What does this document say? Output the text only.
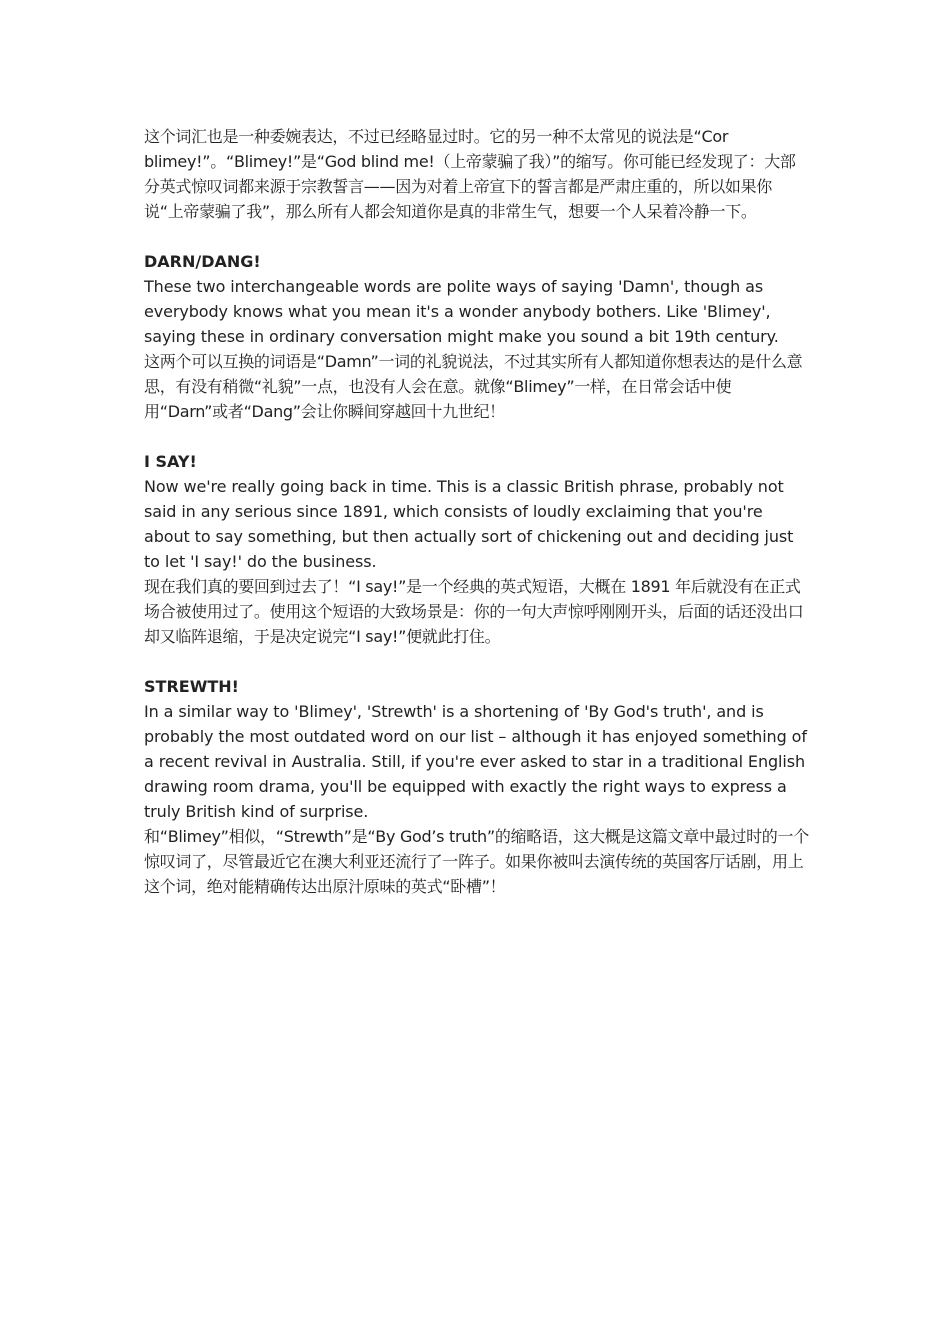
这个词汇也是一种委婉表达，不过已经略显过时。它的另一种不太常见的说法是“Cor blimey!”。“Blimey!”是“God blind me!（上帝蒙骗了我）”的缩写。你可能已经发现了：大部分英式惊叹词都来源于宗教誓言——因为对着上帝宣下的誓言都是严肃庄重的，所以如果你说“上帝蒙骗了我”，那么所有人都会知道你是真的非常生气，想要一个人呆着冷静一下。

DARN/DANG!

These two interchangeable words are polite ways of saying 'Damn', though as everybody knows what you mean it's a wonder anybody bothers. Like 'Blimey', saying these in ordinary conversation might make you sound a bit 19th century.

这两个可以互换的词语是“Damn”一词的礼貌说法，不过其实所有人都知道你想表达的是什么意思，有没有稍微“礼貌”一点，也没有人会在意。就像“Blimey”一样，在日常会话中使用“Darn”或者“Dang”会让你瞬间穿越回十九世纪！

I SAY!

Now we're really going back in time. This is a classic British phrase, probably not said in any serious since 1891, which consists of loudly exclaiming that you're about to say something, but then actually sort of chickening out and deciding just to let 'I say!' do the business.

现在我们真的要回到过去了！“I say!”是一个经典的英式短语，大概在 1891 年后就没有在正式场合被使用过了。使用这个短语的大致场景是：你的一句大声惊呼刚刚开头，后面的话还没出口却又临阵退缩，于是决定说完“I say!”便就此打住。

STREWTH!

In a similar way to 'Blimey', 'Strewth' is a shortening of 'By God's truth', and is probably the most outdated word on our list – although it has enjoyed something of a recent revival in Australia. Still, if you're ever asked to star in a traditional English drawing room drama, you'll be equipped with exactly the right ways to express a truly British kind of surprise.

和“Blimey”相似，“Strewth”是“By God’s truth”的缩略语，这大概是这篇文章中最过时的一个惊叹词了，尽管最近它在澳大利亚还流行了一阵子。如果你被叫去演传统的英国客厅话剧，用上这个词，绝对能精确传达出原汁原味的英式“卧槽”！
